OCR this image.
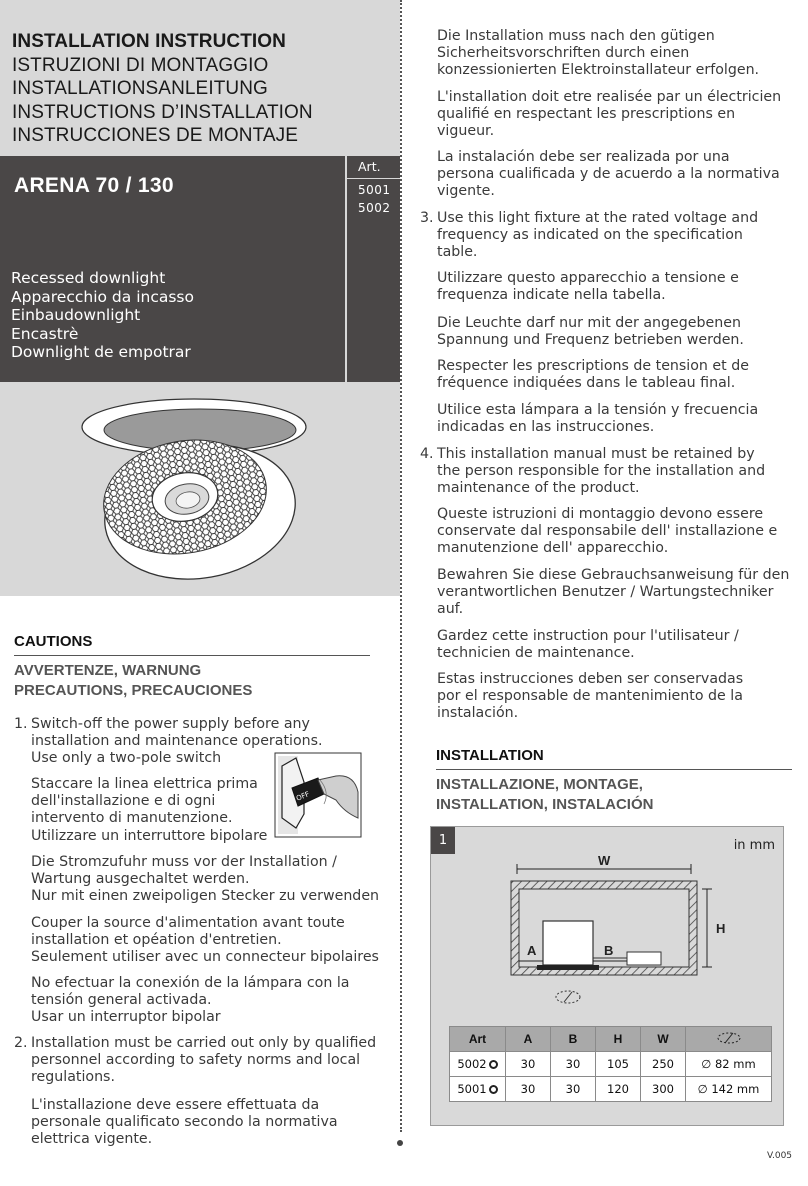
INSTALLATION INSTRUCTION
ISTRUZIONI DI MONTAGGIO
INSTALLATIONSANLEITUNG
INSTRUCTIONS D’INSTALLATION
INSTRUCCIONES DE MONTAJE
ARENA 70 / 130
Art.
5001
5002
Recessed downlight
Apparecchio da incasso
Einbaudownlight
Encastrè
Downlight de empotrar
CAUTIONS
AVVERTENZE, WARNUNG
PRECAUTIONS, PRECAUCIONES
1. Switch-off the power supply before any
installation and maintenance operations.
Use only a two-pole switch
OFF
Staccare la linea elettrica prima
dell'installazione e di ogni
intervento di manutenzione.
Utilizzare un interruttore bipolare
Die Stromzufuhr muss vor der Installation /
Wartung ausgechaltet werden.
Nur mit einen zweipoligen Stecker zu verwenden
Couper la source d'alimentation avant toute
installation et opéation d'entretien.
Seulement utiliser avec un connecteur bipolaires
No efectuar la conexión de la lámpara con la
tensión general activada.
Usar un interruptor bipolar
2. Installation must be carried out only by qualified
personnel according to safety norms and local
regulations.
L'installazione deve essere effettuata da
personale qualificato secondo la normativa
elettrica vigente.
Die Installation muss nach den gütigen
Sicherheitsvorschriften durch einen
konzessionierten Elektroinstallateur erfolgen.
L'installation doit etre realisée par un électricien
qualifié en respectant les prescriptions en
vigueur.
La instalación debe ser realizada por una
persona cualificada y de acuerdo a la normativa
vigente.
3. Use this light fixture at the rated voltage and
frequency as indicated on the specification
table.
Utilizzare questo apparecchio a tensione e
frequenza indicate nella tabella.
Die Leuchte darf nur mit der angegebenen
Spannung und Frequenz betrieben werden.
Respecter les prescriptions de tension et de
fréquence indiquées dans le tableau final.
Utilice esta lámpara a la tensión y frecuencia
indicadas en las instrucciones.
4. This installation manual must be retained by
the person responsible for the installation and
maintenance of the product.
Queste istruzioni di montaggio devono essere
conservate dal responsabile dell' installazione e
manutenzione dell' apparecchio.
Bewahren Sie diese Gebrauchsanweisung für den
verantwortlichen Benutzer / Wartungstechniker
auf.
Gardez cette instruction pour l'utilisateur /
technicien de maintenance.
Estas instrucciones deben ser conservadas
por el responsable de mantenimiento de la
instalación.
INSTALLATION
INSTALLAZIONE, MONTAGE,
INSTALLATION, INSTALACIÓN
1	in mm
W
H
A	B
Art	A	B	H	W	
5002	30	30	105	250	∅ 82 mm
5001	30	30	120	300	∅ 142 mm
V.005
